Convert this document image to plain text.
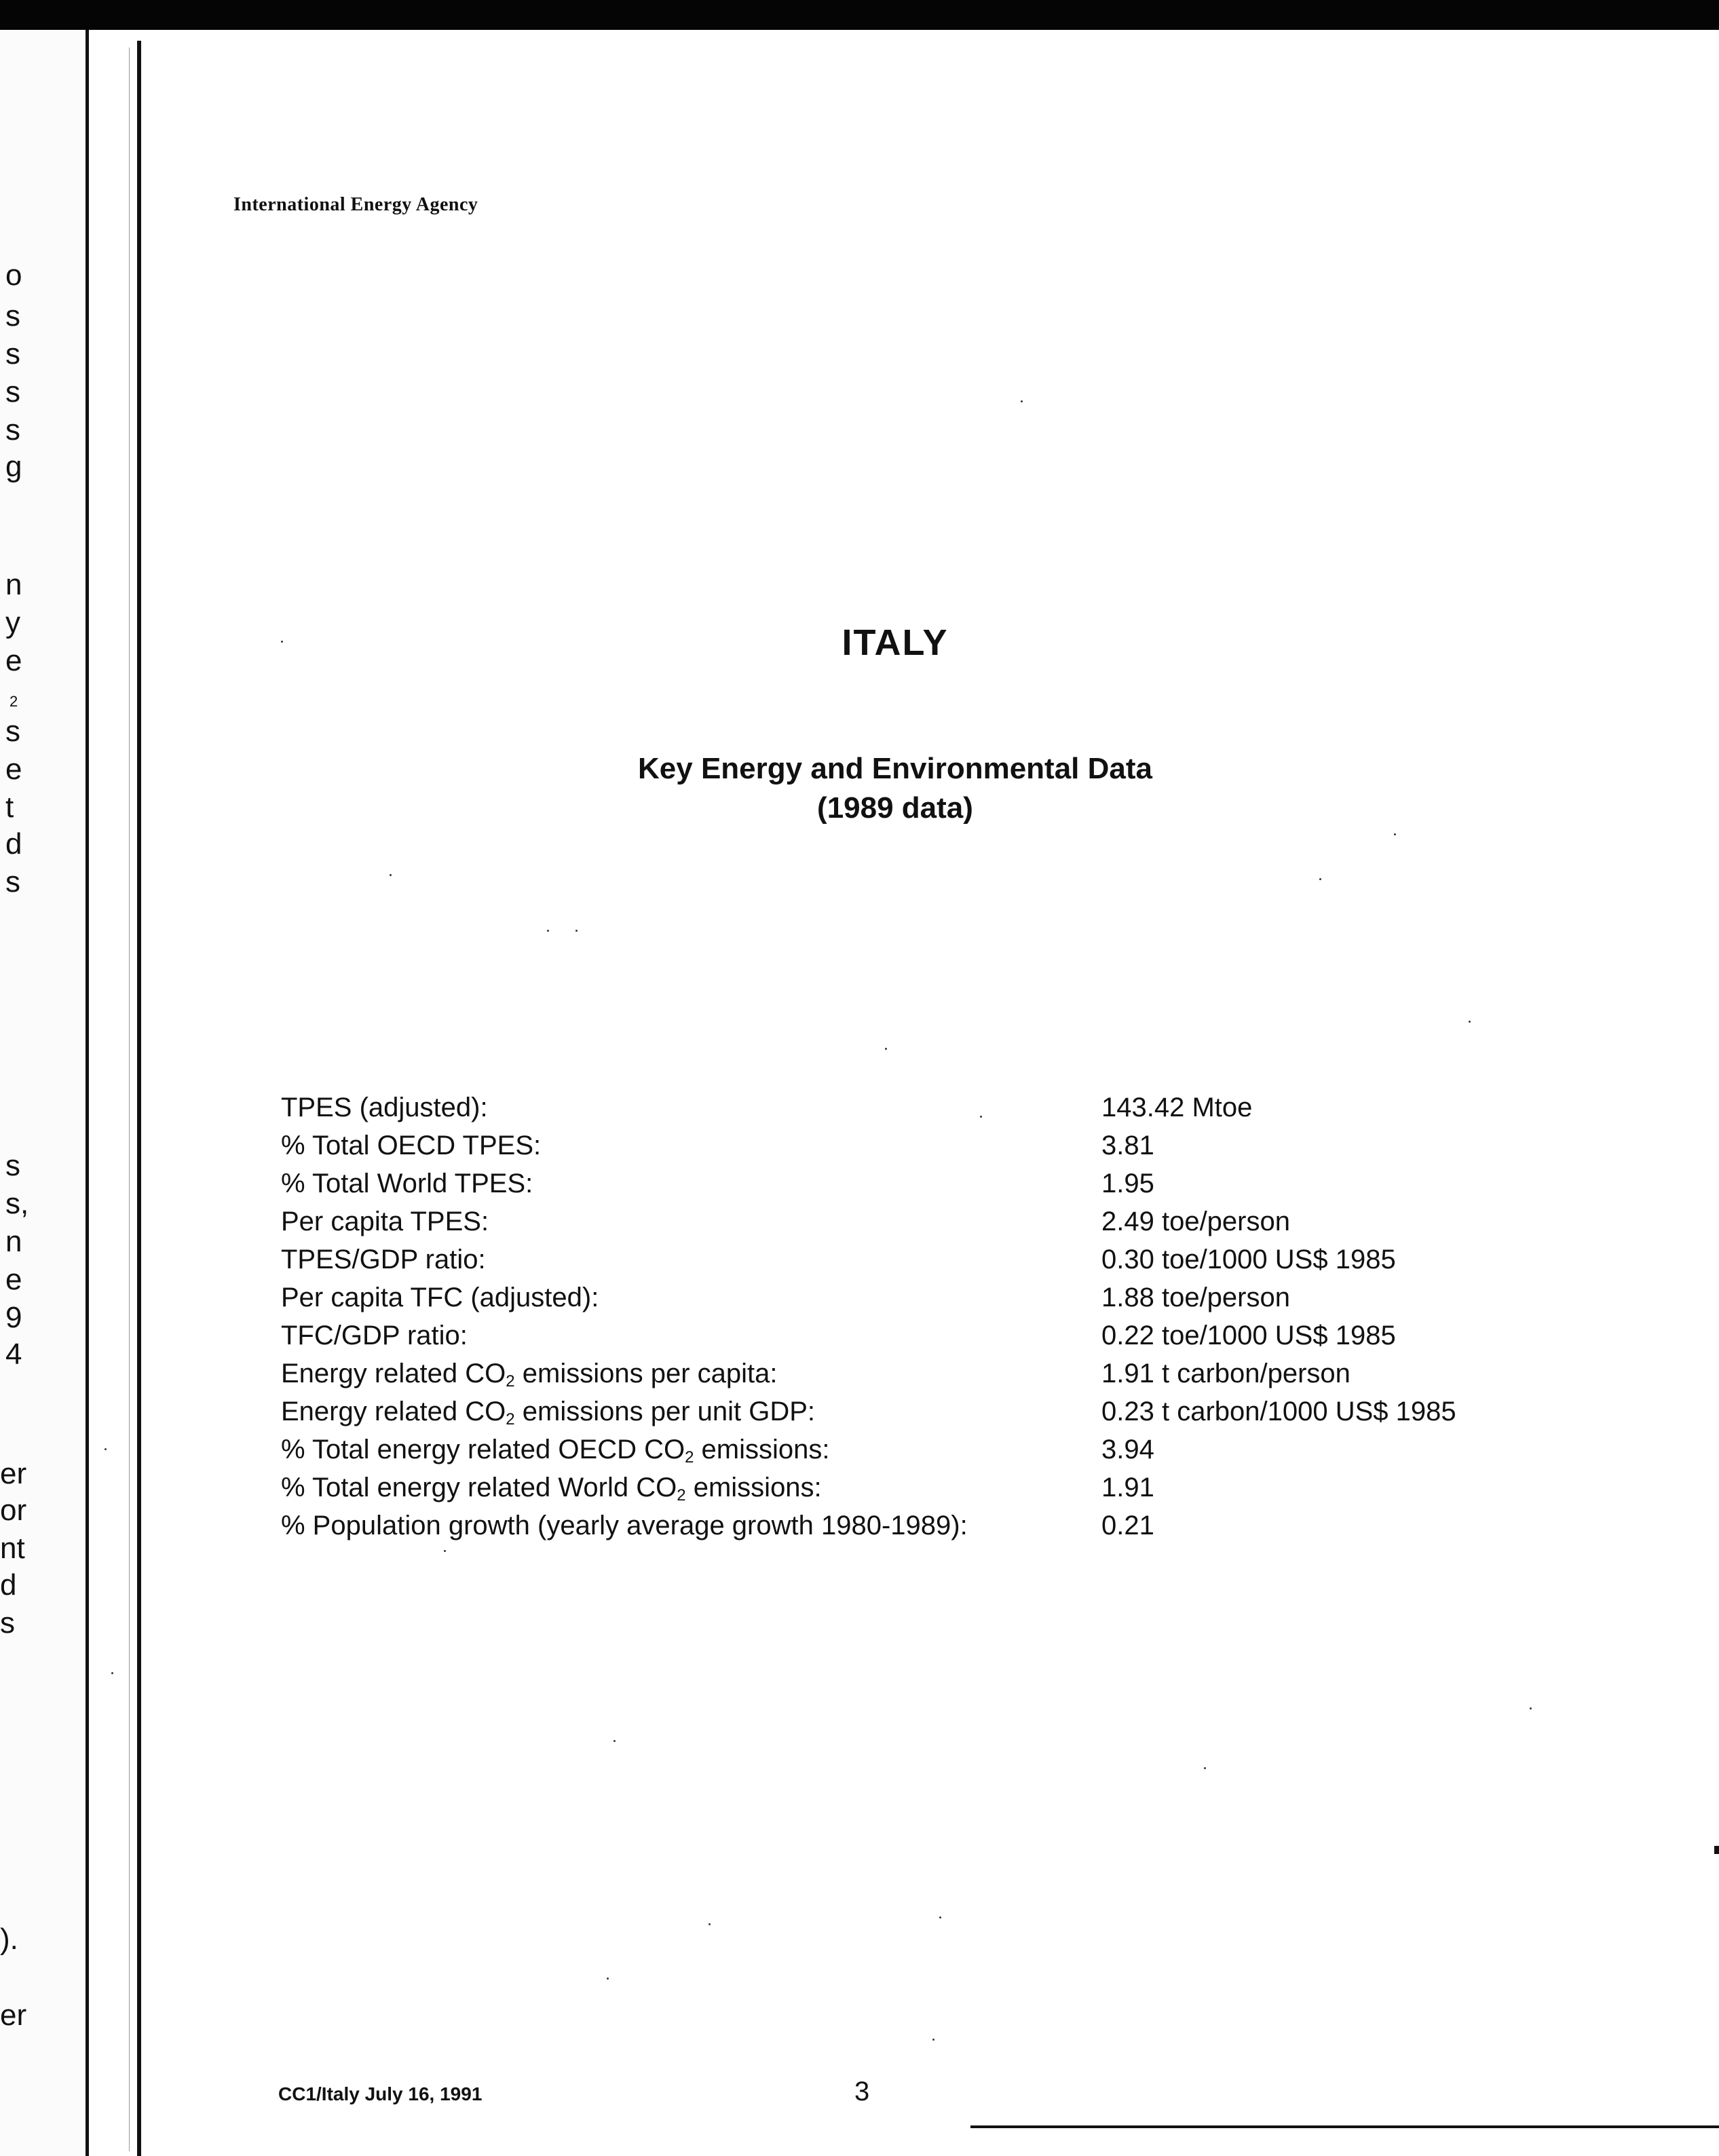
o
s
s
s
s
g
n
y
e
2
s
e
t
d
s
s
s,
n
e
9
4
er
or
nt
d
s
).
er
International Energy Agency
ITALY
Key Energy and Environmental Data
(1989 data)
TPES (adjusted):	143.42 Mtoe
% Total OECD TPES:	3.81
% Total World TPES:	1.95
Per capita TPES:	2.49 toe/person
TPES/GDP ratio:	0.30 toe/1000 US$ 1985
Per capita TFC (adjusted):	1.88 toe/person
TFC/GDP ratio:	0.22 toe/1000 US$ 1985
Energy related $CO_2$ emissions per capita:	1.91 t carbon/person
Energy related $CO_2$ emissions per unit GDP:	0.23 t carbon/1000 US$ 1985
% Total energy related OECD $CO_2$ emissions:	3.94
% Total energy related World $CO_2$ emissions:	1.91
% Population growth (yearly average growth 1980-1989):	0.21
CC1/Italy July 16, 1991	3
